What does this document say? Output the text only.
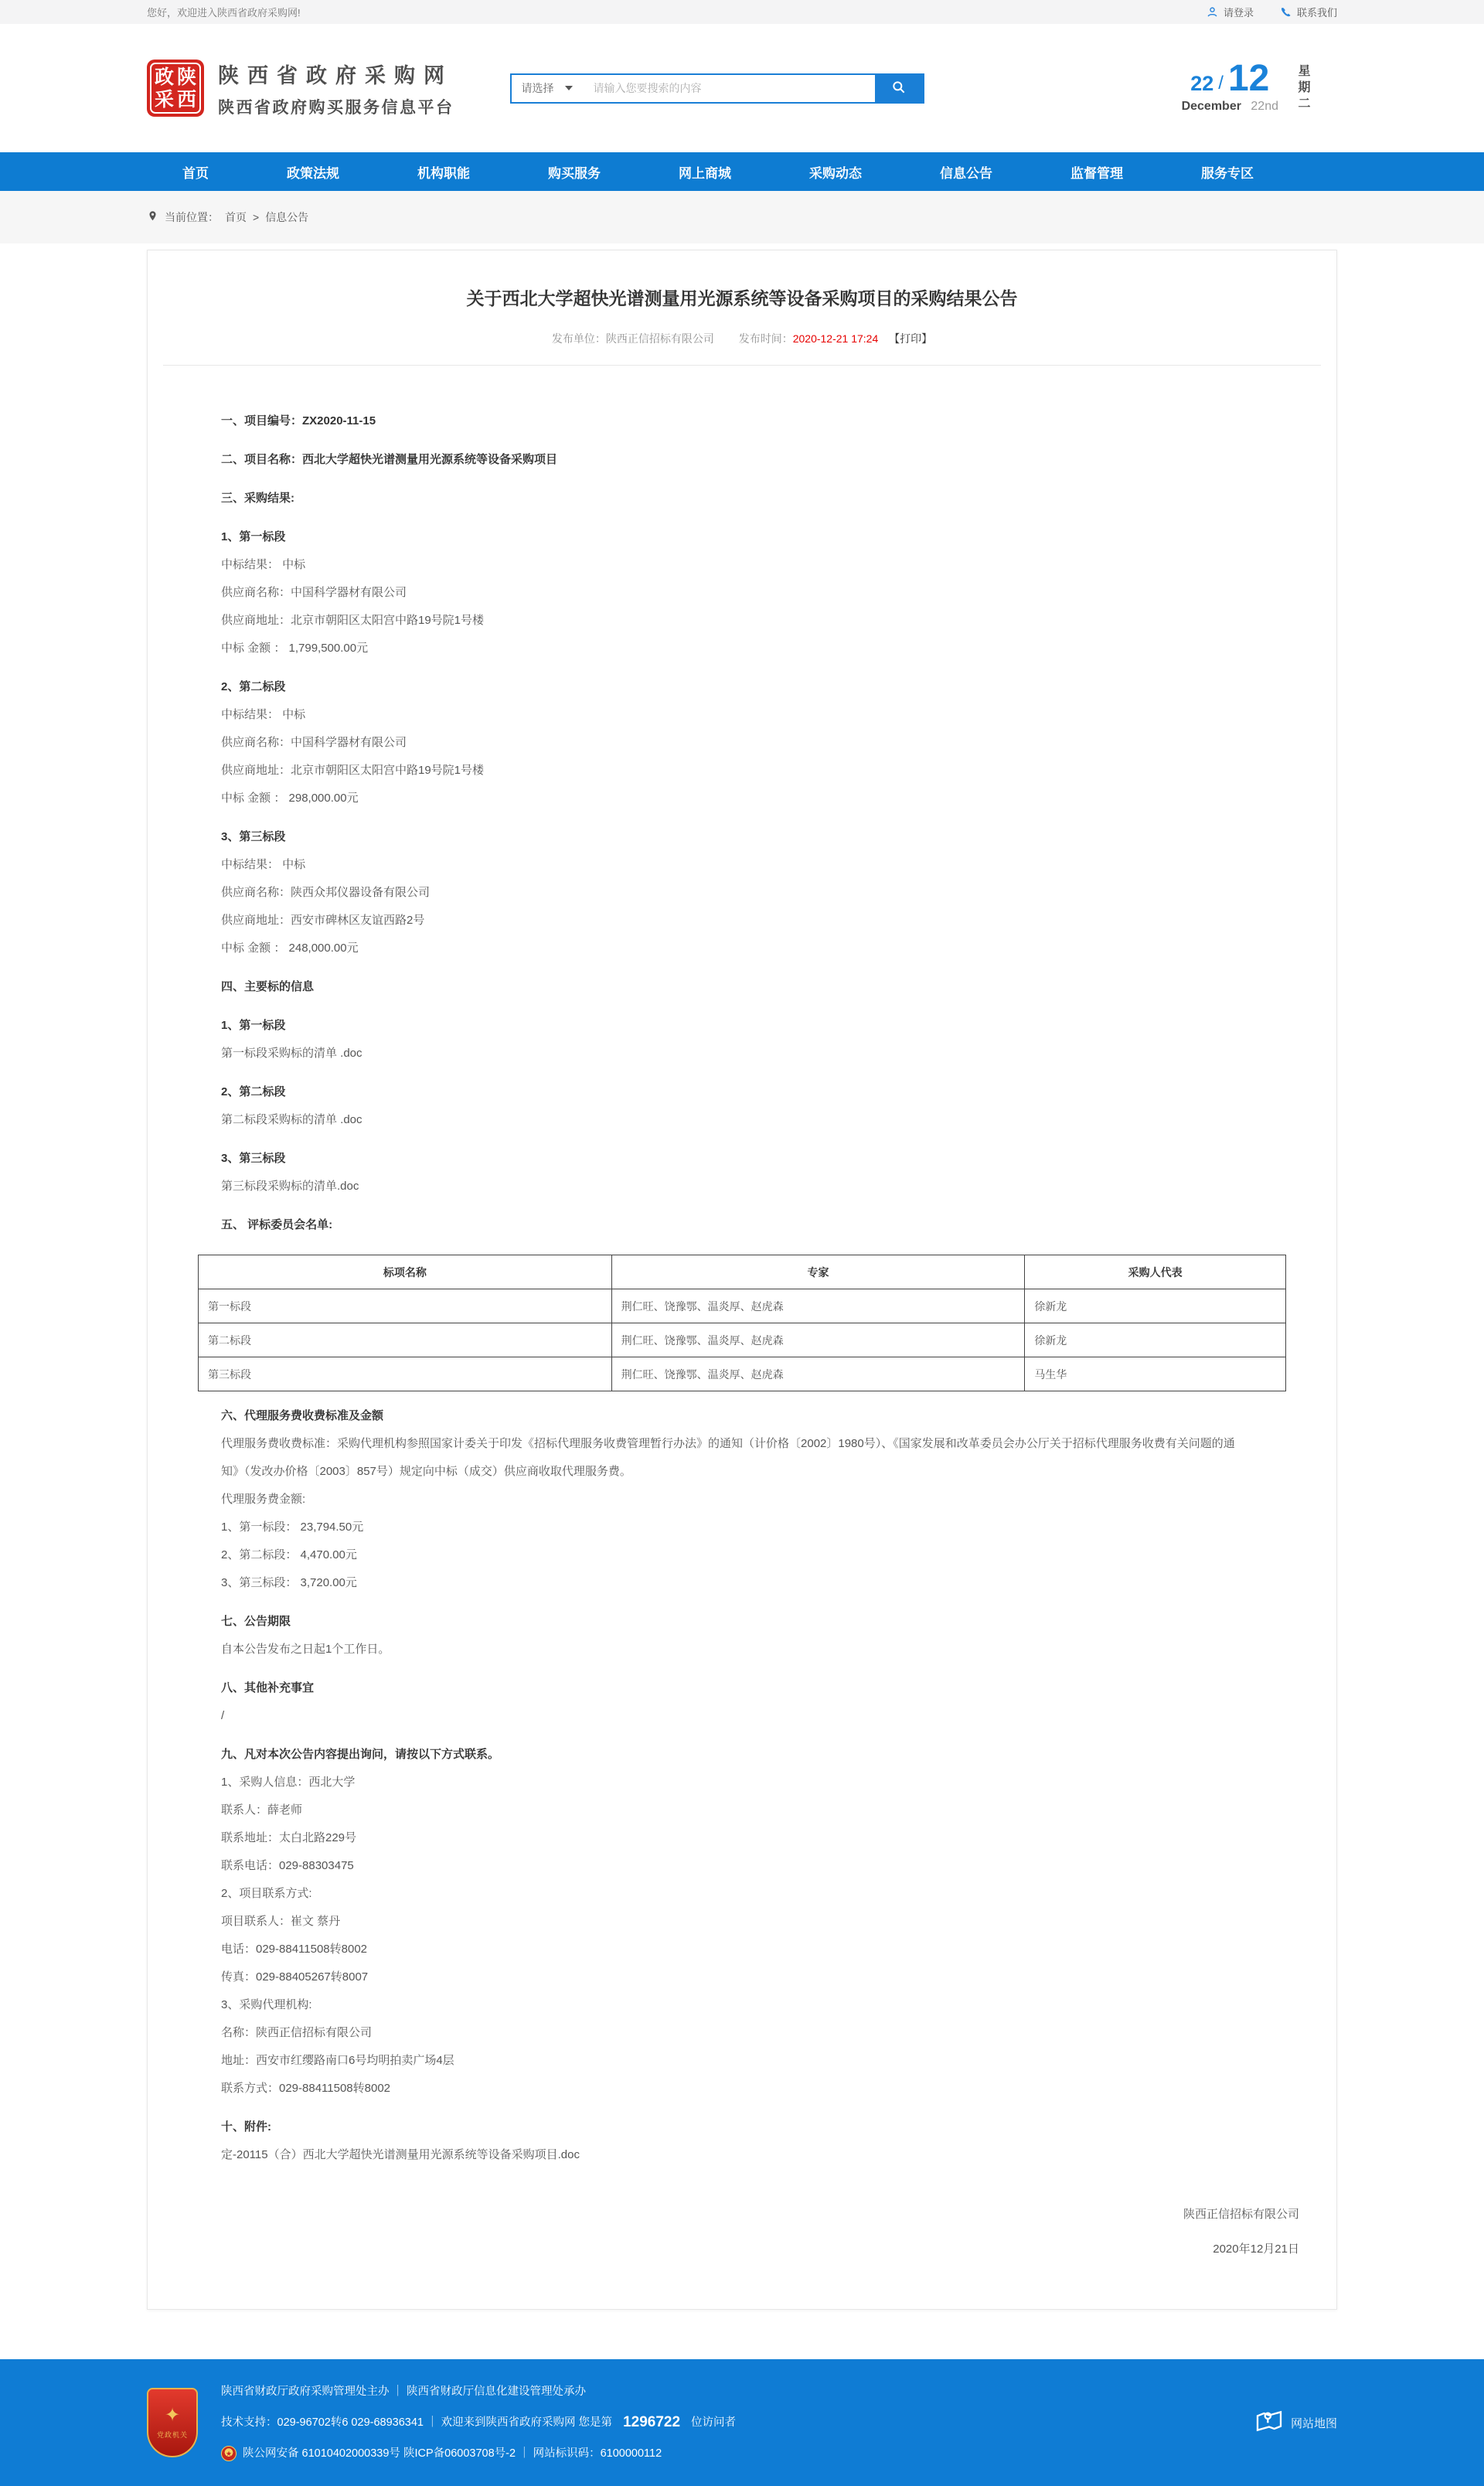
您好，欢迎进入陕西省政府采购网!	请登录	联系我们
政 陕
采 西
陕西省政府采购网
陕西省政府购买服务信息平台
请选择
请输入您要搜索的内容	22 / 12
December 22nd 星期二
首页	政策法规	机构职能	购买服务	网上商城	采购动态	信息公告	监督管理	服务专区
当前位置： 首页 > 信息公告
关于西北大学超快光谱测量用光源系统等设备采购项目的采购结果公告
发布单位：陕西正信招标有限公司 发布时间：2020-12-21 17:24 【打印】
一、项目编号：ZX2020-11-15
二、项目名称：西北大学超快光谱测量用光源系统等设备采购项目
三、采购结果:
1、第一标段
中标结果： 中标
供应商名称：中国科学器材有限公司
供应商地址：北京市朝阳区太阳宫中路19号院1号楼
中标 金额 ： 1,799,500.00元
2、第二标段
中标结果： 中标
供应商名称：中国科学器材有限公司
供应商地址：北京市朝阳区太阳宫中路19号院1号楼
中标 金额 ： 298,000.00元
3、第三标段
中标结果： 中标
供应商名称：陕西众邦仪器设备有限公司
供应商地址：西安市碑林区友谊西路2号
中标 金额 ： 248,000.00元
四、主要标的信息
1、第一标段
第一标段采购标的清单 .doc
2、第二标段
第二标段采购标的清单 .doc
3、第三标段
第三标段采购标的清单.doc
五、 评标委员会名单:
标项名称	专家	采购人代表
第一标段	荆仁旺、饶豫鄂、温炎厚、赵虎森	徐新龙
第二标段	荆仁旺、饶豫鄂、温炎厚、赵虎森	徐新龙
第三标段	荆仁旺、饶豫鄂、温炎厚、赵虎森	马生华
六、代理服务费收费标准及金额
代理服务费收费标准：采购代理机构参照国家计委关于印发《招标代理服务收费管理暂行办法》的通知（计价格〔2002〕1980号）、《国家发展和改革委员会办公厅关于招标代理服务收费有关问题的通知》（发改办价格〔2003〕857号）规定向中标（成交）供应商收取代理服务费。
代理服务费金额:
1、第一标段： 23,794.50元
2、第二标段： 4,470.00元
3、第三标段： 3,720.00元
七、公告期限
自本公告发布之日起1个工作日。
八、其他补充事宜
/
九、凡对本次公告内容提出询问，请按以下方式联系。
1、采购人信息：西北大学
联系人：薛老师
联系地址：太白北路229号
联系电话：029-88303475
2、项目联系方式:
项目联系人：崔文 蔡丹
电话：029-88411508转8002
传真：029-88405267转8007
3、采购代理机构:
名称：陕西正信招标有限公司
地址：西安市红缨路南口6号均明拍卖广场4层
联系方式：029-88411508转8002
十、附件:
定-20115（合）西北大学超快光谱测量用光源系统等设备采购项目.doc
陕西正信招标有限公司
2020年12月21日
✦
党政机关
陕西省财政厅政府采购管理处主办 ｜ 陕西省财政厅信息化建设管理处承办
技术支持：029-96702转6 029-68936341 ｜ 欢迎来到陕西省政府采购网 您是第 1296722 位访问者
★ 陕公网安备 61010402000339号 陕ICP备06003708号-2 ｜ 网站标识码：6100000112
网站地图
